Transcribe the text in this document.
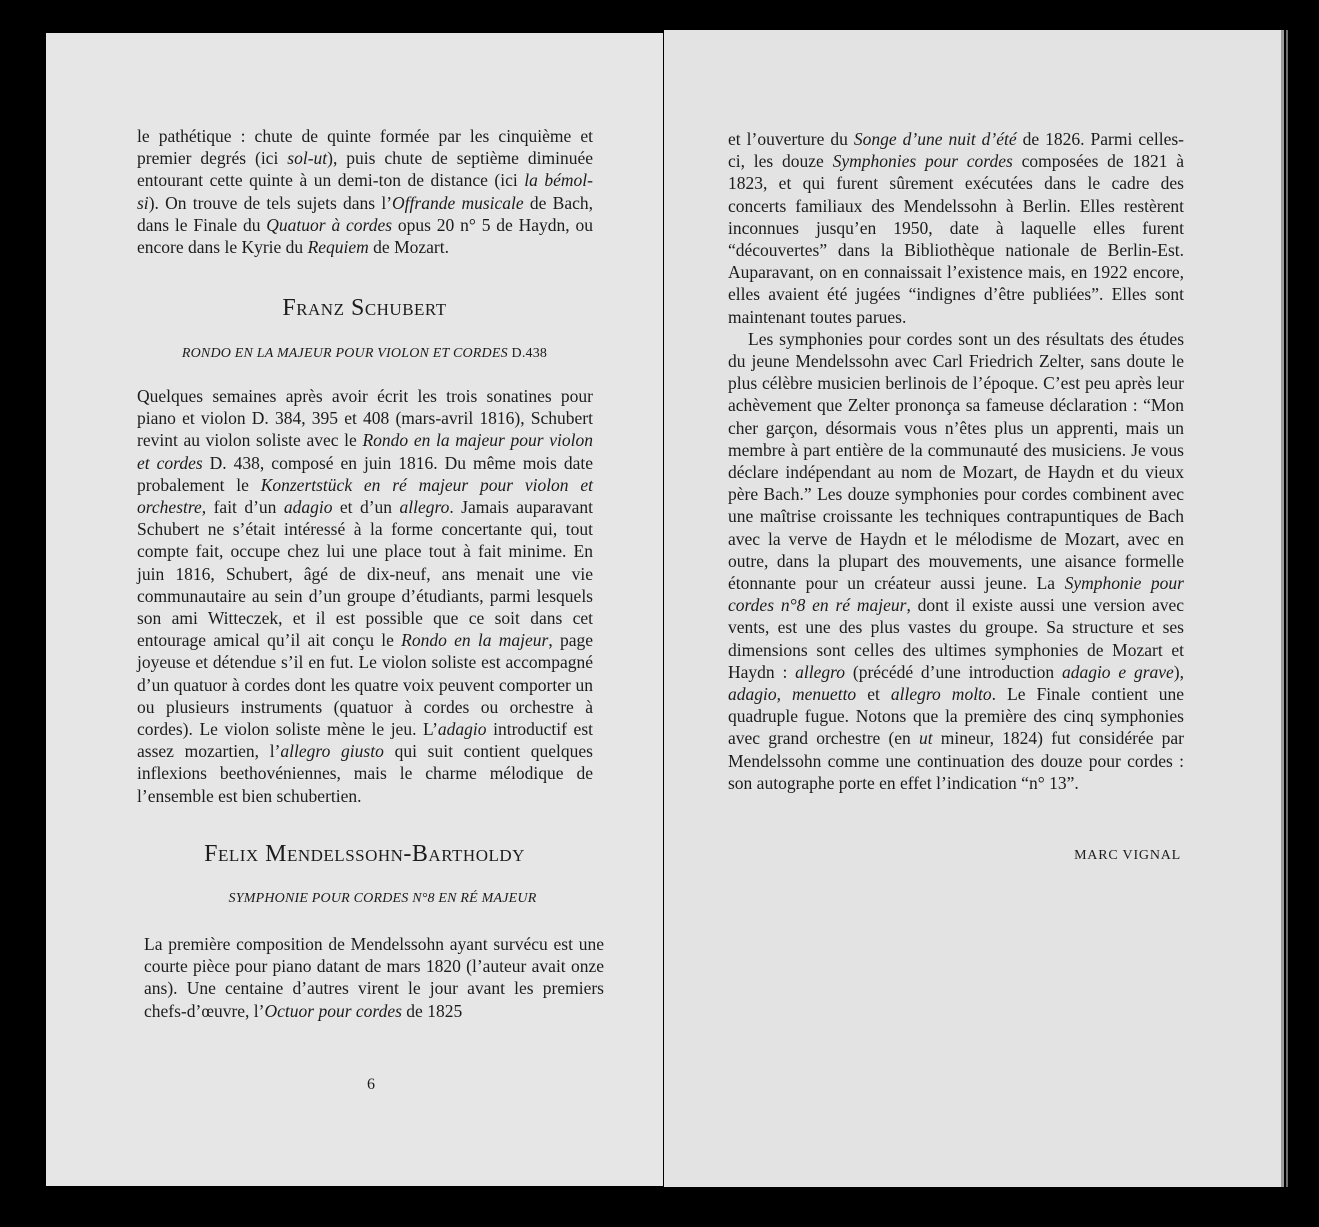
le pathétique : chute de quinte formée par les cinquième et premier degrés (ici sol-ut), puis chute de septième diminuée entourant cette quinte à un demi-ton de distance (ici la bémol-si). On trouve de tels sujets dans l’Offrande musicale de Bach, dans le Finale du Quatuor à cordes opus 20 n° 5 de Haydn, ou encore dans le Kyrie du Requiem de Mozart.

Franz Schubert

RONDO EN LA MAJEUR POUR VIOLON ET CORDES D.438

Quelques semaines après avoir écrit les trois sonatines pour piano et violon D. 384, 395 et 408 (mars-avril 1816), Schubert revint au violon soliste avec le Rondo en la majeur pour violon et cordes D. 438, composé en juin 1816. Du même mois date probalement le Konzertstück en ré majeur pour violon et orchestre, fait d’un adagio et d’un allegro. Jamais auparavant Schubert ne s’était intéressé à la forme concertante qui, tout compte fait, occupe chez lui une place tout à fait minime. En juin 1816, Schubert, âgé de dix-neuf, ans menait une vie communautaire au sein d’un groupe d’étudiants, parmi lesquels son ami Witteczek, et il est possible que ce soit dans cet entourage amical qu’il ait conçu le Rondo en la majeur, page joyeuse et détendue s’il en fut. Le violon soliste est accompagné d’un quatuor à cordes dont les quatre voix peuvent comporter un ou plusieurs instruments (quatuor à cordes ou orchestre à cordes). Le violon soliste mène le jeu. L’adagio introductif est assez mozartien, l’allegro giusto qui suit contient quelques inflexions beethovéniennes, mais le charme mélodique de l’ensemble est bien schubertien.

Felix Mendelssohn-Bartholdy

SYMPHONIE POUR CORDES N°8 EN RÉ MAJEUR

La première composition de Mendelssohn ayant survécu est une courte pièce pour piano datant de mars 1820 (l’auteur avait onze ans). Une centaine d’autres virent le jour avant les premiers chefs-d’œuvre, l’Octuor pour cordes de 1825

6

et l’ouverture du Songe d’une nuit d’été de 1826. Parmi celles-ci, les douze Symphonies pour cordes composées de 1821 à 1823, et qui furent sûrement exécutées dans le cadre des concerts familiaux des Mendelssohn à Berlin. Elles restèrent inconnues jusqu’en 1950, date à laquelle elles furent “découvertes” dans la Bibliothèque nationale de Berlin-Est. Auparavant, on en connaissait l’existence mais, en 1922 encore, elles avaient été jugées “indignes d’être publiées”. Elles sont maintenant toutes parues.

Les symphonies pour cordes sont un des résultats des études du jeune Mendelssohn avec Carl Friedrich Zelter, sans doute le plus célèbre musicien berlinois de l’époque. C’est peu après leur achèvement que Zelter prononça sa fameuse déclaration : “Mon cher garçon, désormais vous n’êtes plus un apprenti, mais un membre à part entière de la communauté des musiciens. Je vous déclare indépendant au nom de Mozart, de Haydn et du vieux père Bach.” Les douze symphonies pour cordes combinent avec une maîtrise croissante les techniques contrapuntiques de Bach avec la verve de Haydn et le mélodisme de Mozart, avec en outre, dans la plupart des mouvements, une aisance formelle étonnante pour un créateur aussi jeune. La Symphonie pour cordes n°8 en ré majeur, dont il existe aussi une version avec vents, est une des plus vastes du groupe. Sa structure et ses dimensions sont celles des ultimes symphonies de Mozart et Haydn : allegro (précédé d’une introduction adagio e grave), adagio, menuetto et allegro molto. Le Finale contient une quadruple fugue. Notons que la première des cinq symphonies avec grand orchestre (en ut mineur, 1824) fut considérée par Mendelssohn comme une continuation des douze pour cordes : son autographe porte en effet l’indication “n° 13”.

MARC VIGNAL
